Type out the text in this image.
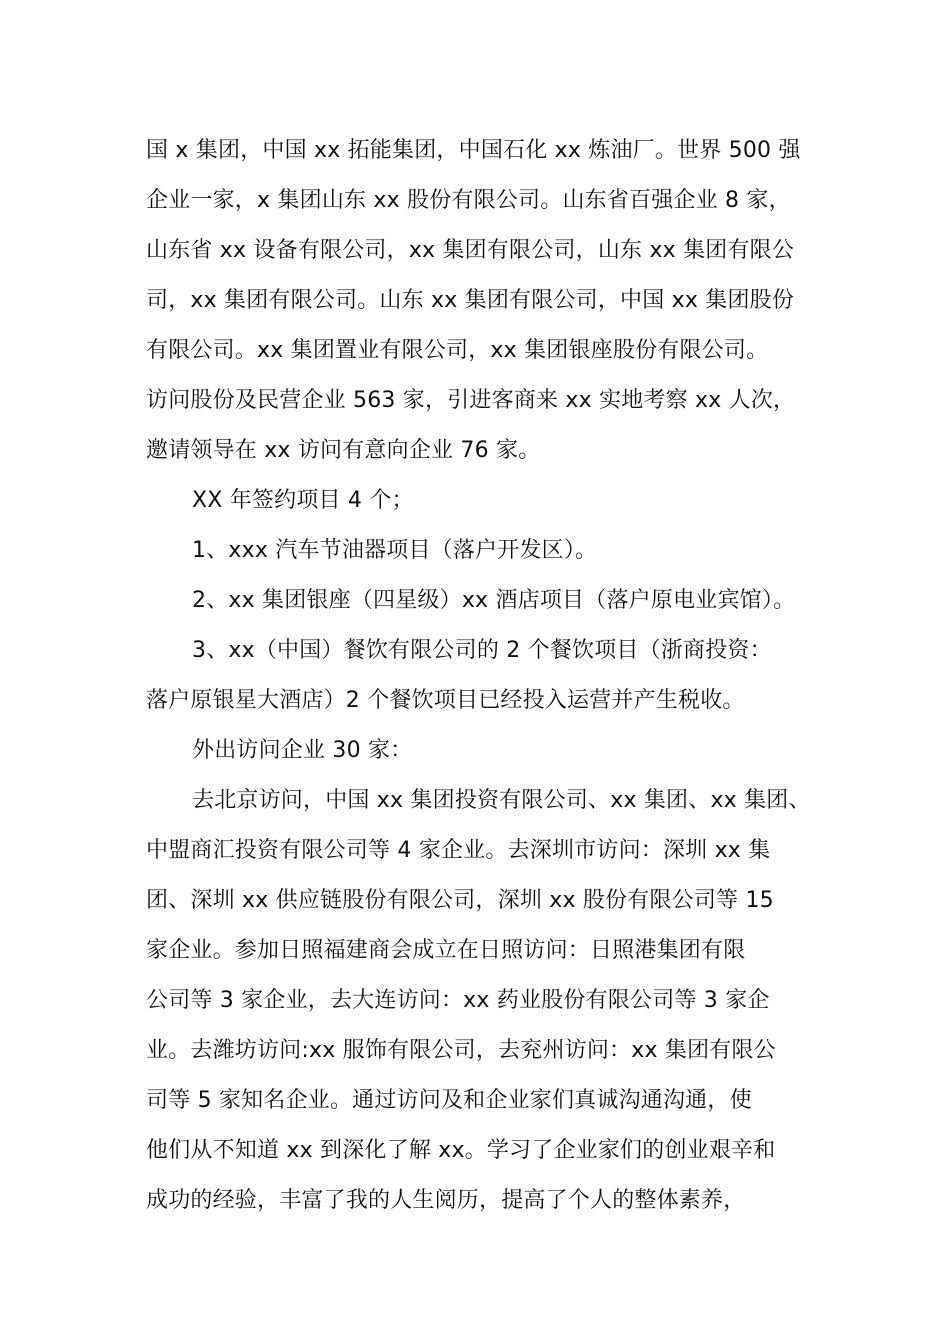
国 x 集团，中国 xx 拓能集团，中国石化 xx 炼油厂。世界 500 强
企业一家，x 集团山东 xx 股份有限公司。山东省百强企业 8 家，
山东省 xx 设备有限公司，xx 集团有限公司，山东 xx 集团有限公
司，xx 集团有限公司。山东 xx 集团有限公司，中国 xx 集团股份
有限公司。xx 集团置业有限公司，xx 集团银座股份有限公司。
访问股份及民营企业 563 家，引进客商来 xx 实地考察 xx 人次，
邀请领导在 xx 访问有意向企业 76 家。
XX 年签约项目 4 个；
1、xxx 汽车节油器项目（落户开发区）。
2、xx 集团银座（四星级）xx 酒店项目（落户原电业宾馆）。
3、xx（中国）餐饮有限公司的 2 个餐饮项目（浙商投资：
落户原银星大酒店）2 个餐饮项目已经投入运营并产生税收。
外出访问企业 30 家：
去北京访问，中国 xx 集团投资有限公司、xx 集团、xx 集团、
中盟商汇投资有限公司等 4 家企业。去深圳市访问：深圳 xx 集
团、深圳 xx 供应链股份有限公司，深圳 xx 股份有限公司等 15
家企业。参加日照福建商会成立在日照访问：日照港集团有限
公司等 3 家企业，去大连访问：xx 药业股份有限公司等 3 家企
业。去潍坊访问:xx 服饰有限公司，去兖州访问：xx 集团有限公
司等 5 家知名企业。通过访问及和企业家们真诚沟通沟通，使
他们从不知道 xx 到深化了解 xx。学习了企业家们的创业艰辛和
成功的经验，丰富了我的人生阅历，提高了个人的整体素养，
